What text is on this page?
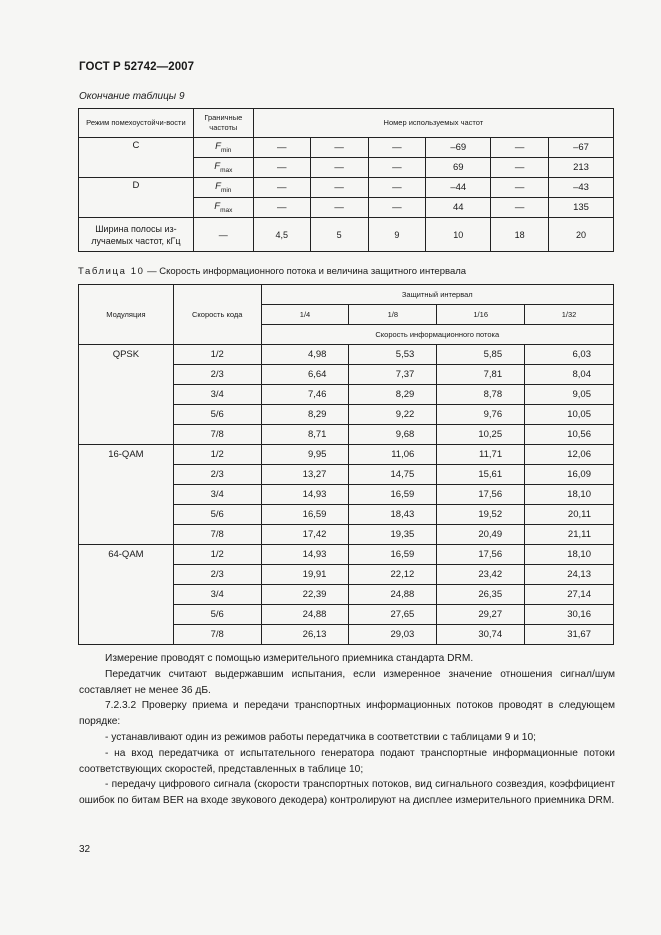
ГОСТ Р 52742—2007
Окончание таблицы 9
Режим помехоустойчи-вости	Граничные частоты	Номер используемых частот					
C	$F_{min}$	—	—	—	–69	—	–67
	$F_{max}$	—	—	—	69	—	213
D	$F_{min}$	—	—	—	–44	—	–43
	$F_{max}$	—	—	—	44	—	135
Ширина полосы из-лучаемых частот, кГц	—	4,5	5	9	10	18	20
Таблица 10 — Скорость информационного потока и величина защитного интервала
Модуляция	Скорость кода	Защитный интервал			
		1/4	1/8	1/16	1/32
		Скорость информационного потока			
QPSK	1/2	4,98	5,53	5,85	6,03
	2/3	6,64	7,37	7,81	8,04
	3/4	7,46	8,29	8,78	9,05
	5/6	8,29	9,22	9,76	10,05
	7/8	8,71	9,68	10,25	10,56
16-QAM	1/2	9,95	11,06	11,71	12,06
	2/3	13,27	14,75	15,61	16,09
	3/4	14,93	16,59	17,56	18,10
	5/6	16,59	18,43	19,52	20,11
	7/8	17,42	19,35	20,49	21,11
64-QAM	1/2	14,93	16,59	17,56	18,10
	2/3	19,91	22,12	23,42	24,13
	3/4	22,39	24,88	26,35	27,14
	5/6	24,88	27,65	29,27	30,16
	7/8	26,13	29,03	30,74	31,67

Измерение проводят с помощью измерительного приемника стандарта DRM.

Передатчик считают выдержавшим испытания, если измеренное значение отношения сигнал/шум составляет не менее 36 дБ.

7.2.3.2 Проверку приема и передачи транспортных информационных потоков проводят в следующем порядке:

- устанавливают один из режимов работы передатчика в соответствии с таблицами 9 и 10;

- на вход передатчика от испытательного генератора подают транспортные информационные потоки соответствующих скоростей, представленных в таблице 10;

- передачу цифрового сигнала (скорости транспортных потоков, вид сигнального созвездия, коэффициент ошибок по битам BER на входе звукового декодера) контролируют на дисплее измерительного приемника DRM.

32
